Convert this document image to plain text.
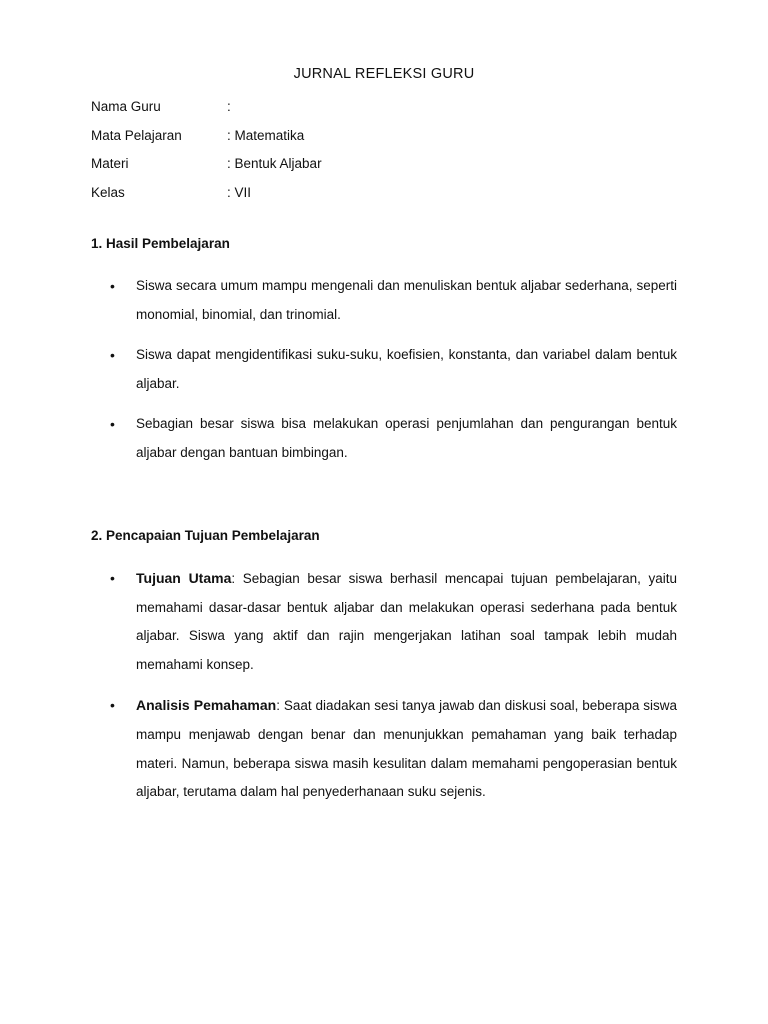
JURNAL REFLEKSI GURU
Nama Guru	:
Mata Pelajaran	: Matematika
Materi	: Bentuk Aljabar
Kelas	: VII
1. Hasil Pembelajaran
•	Siswa secara umum mampu mengenali dan menuliskan bentuk aljabar sederhana, seperti monomial, binomial, dan trinomial.
•	Siswa dapat mengidentifikasi suku-suku, koefisien, konstanta, dan variabel dalam bentuk aljabar.
•	Sebagian besar siswa bisa melakukan operasi penjumlahan dan pengurangan bentuk aljabar dengan bantuan bimbingan.
2. Pencapaian Tujuan Pembelajaran
•	Tujuan Utama: Sebagian besar siswa berhasil mencapai tujuan pembelajaran, yaitu memahami dasar-dasar bentuk aljabar dan melakukan operasi sederhana pada bentuk aljabar. Siswa yang aktif dan rajin mengerjakan latihan soal tampak lebih mudah memahami konsep.
•	Analisis Pemahaman: Saat diadakan sesi tanya jawab dan diskusi soal, beberapa siswa mampu menjawab dengan benar dan menunjukkan pemahaman yang baik terhadap materi. Namun, beberapa siswa masih kesulitan dalam memahami pengoperasian bentuk aljabar, terutama dalam hal penyederhanaan suku sejenis.
